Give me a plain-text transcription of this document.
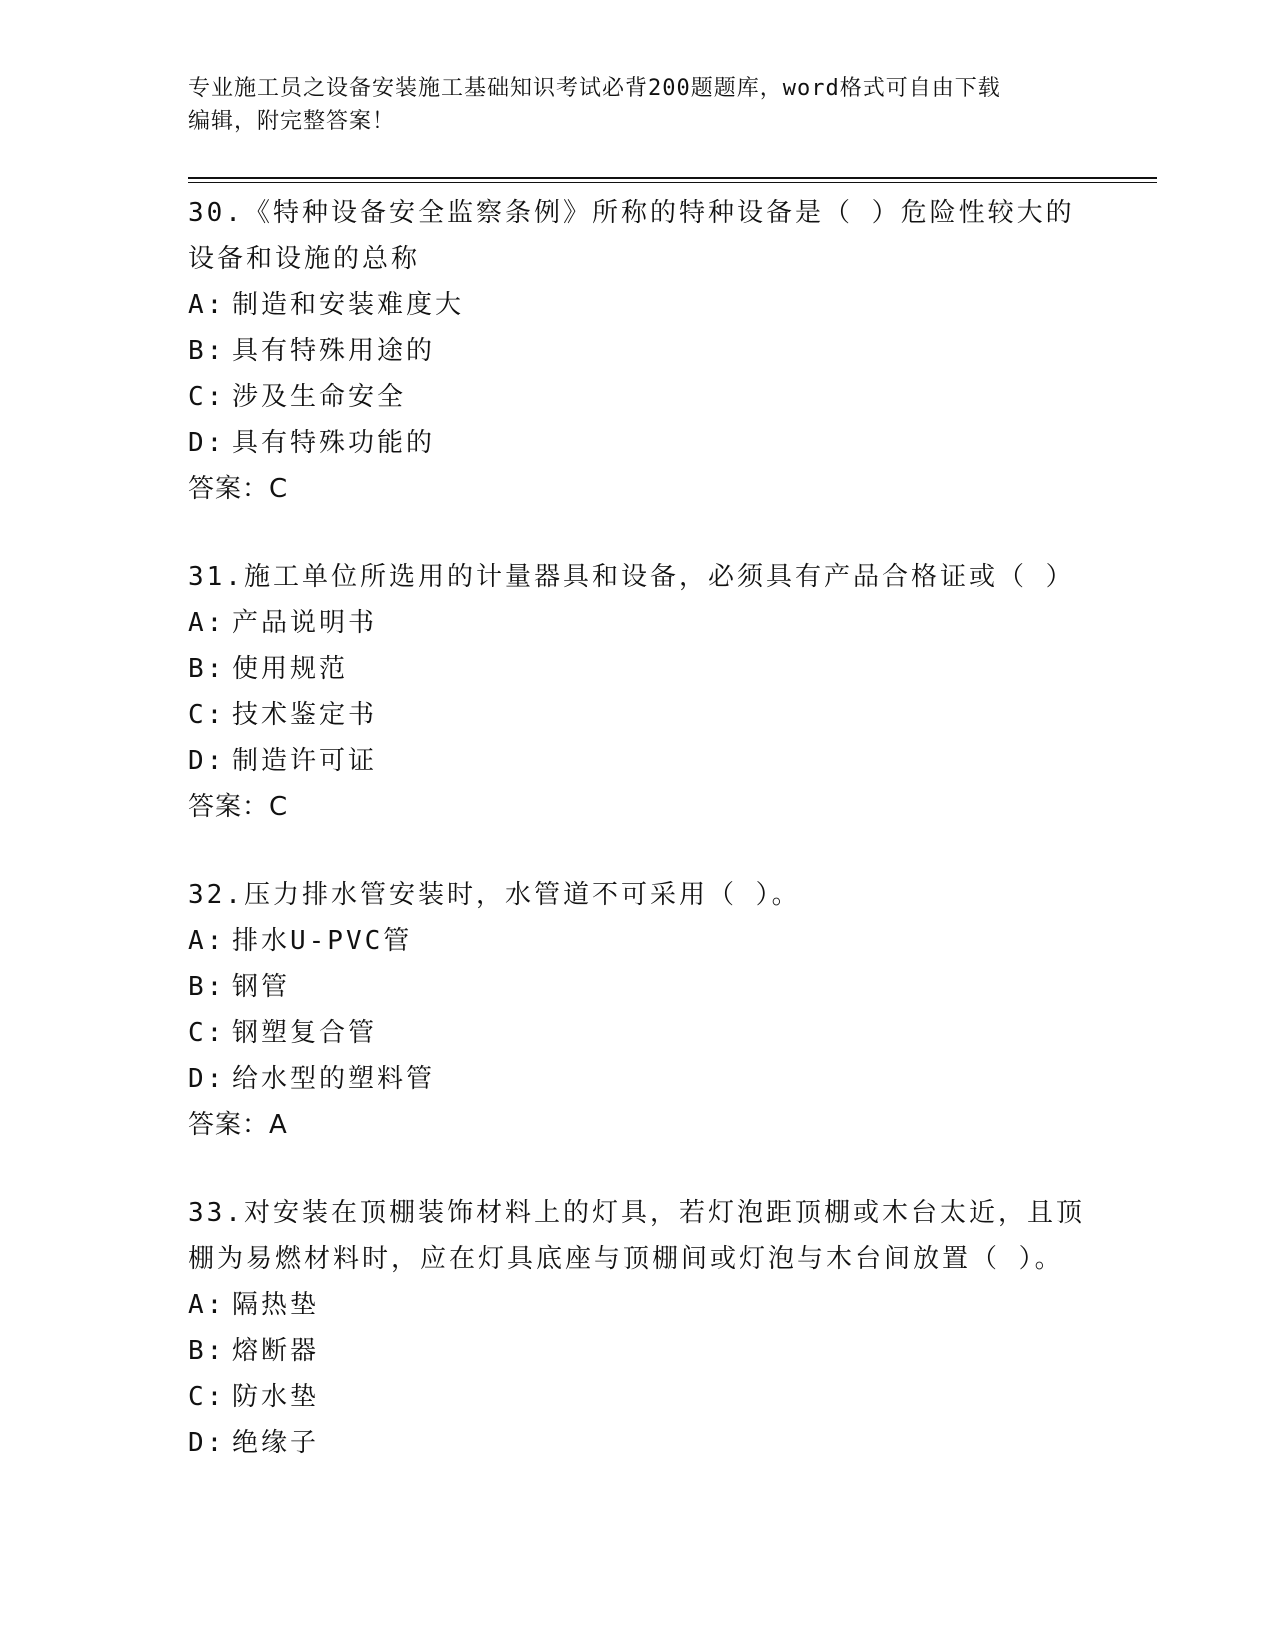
专业施工员之设备安装施工基础知识考试必背200题题库，word格式可自由下载
编辑，附完整答案！

30.《特种设备安全监察条例》所称的特种设备是（ ）危险性较大的设备和设施的总称

A: 制造和安装难度大

B: 具有特殊用途的

C: 涉及生命安全

D: 具有特殊功能的

答案：C

31.施工单位所选用的计量器具和设备，必须具有产品合格证或（ ）

A: 产品说明书

B: 使用规范

C: 技术鉴定书

D: 制造许可证

答案：C

32.压力排水管安装时，水管道不可采用（ ）。

A: 排水U-PVC管

B: 钢管

C: 钢塑复合管

D: 给水型的塑料管

答案：A

33.对安装在顶棚装饰材料上的灯具，若灯泡距顶棚或木台太近，且顶棚为易燃材料时，应在灯具底座与顶棚间或灯泡与木台间放置（ ）。

A: 隔热垫

B: 熔断器

C: 防水垫

D: 绝缘子
